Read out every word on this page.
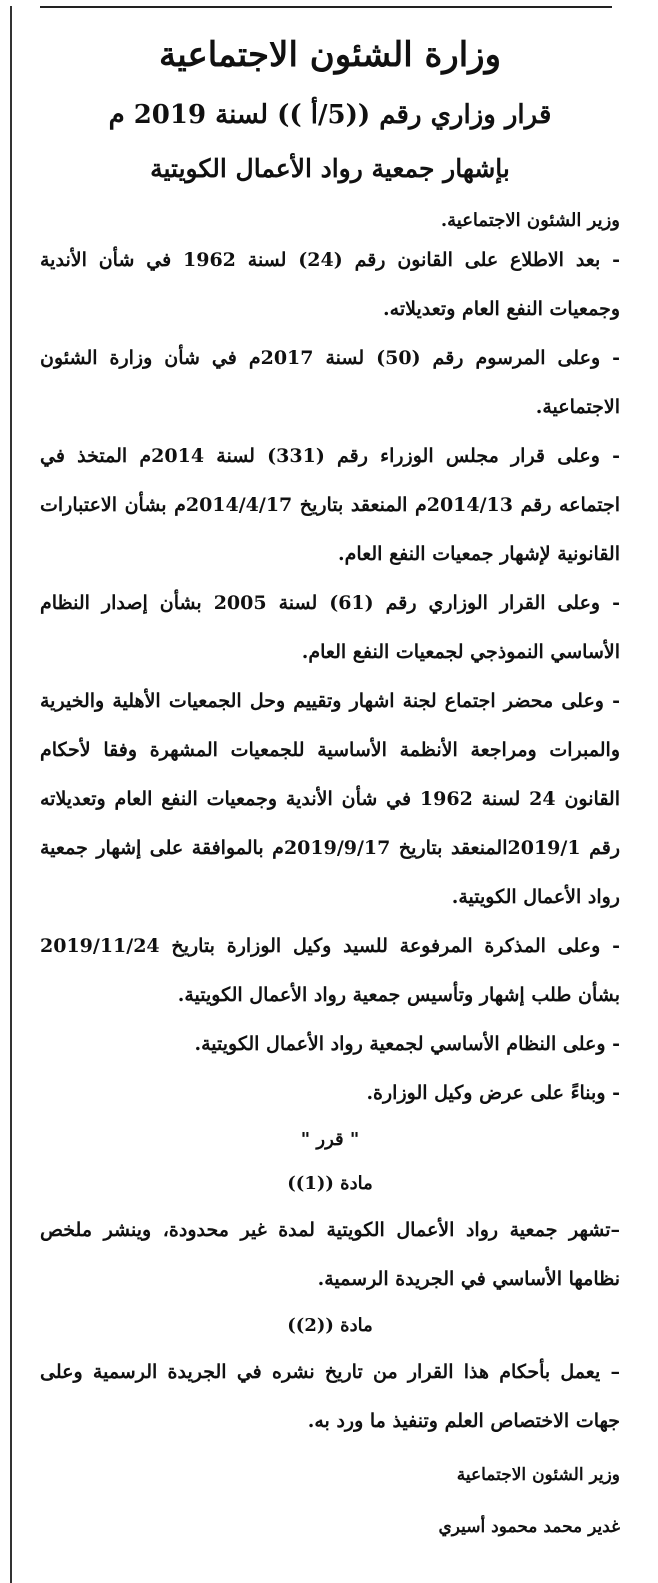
وزارة الشئون الاجتماعية
قرار وزاري رقم ((5/أ )) لسنة 2019 م
بإشهار جمعية رواد الأعمال الكويتية

وزير الشئون الاجتماعية.

- بعد الاطلاع على القانون رقم (24) لسنة 1962 في شأن الأندية وجمعيات النفع العام وتعديلاته.
- وعلى المرسوم رقم (50) لسنة 2017م في شأن وزارة الشئون الاجتماعية.
- وعلى قرار مجلس الوزراء رقم (331) لسنة 2014م المتخذ في اجتماعه رقم 2014/13م المنعقد بتاريخ 2014/4/17م بشأن الاعتبارات القانونية لإشهار جمعيات النفع العام.
- وعلى القرار الوزاري رقم (61) لسنة 2005 بشأن إصدار النظام الأساسي النموذجي لجمعيات النفع العام.
- وعلى محضر اجتماع لجنة اشهار وتقييم وحل الجمعيات الأهلية والخيرية والمبرات ومراجعة الأنظمة الأساسية للجمعيات المشهرة وفقا لأحكام القانون 24 لسنة 1962 في شأن الأندية وجمعيات النفع العام وتعديلاته رقم 2019/1المنعقد بتاريخ 2019/9/17م بالموافقة على إشهار جمعية رواد الأعمال الكويتية.
- وعلى المذكرة المرفوعة للسيد وكيل الوزارة بتاريخ 2019/11/24 بشأن طلب إشهار وتأسيس جمعية رواد الأعمال الكويتية.
- وعلى النظام الأساسي لجمعية رواد الأعمال الكويتية.
- وبناءً على عرض وكيل الوزارة.

" قرر "

مادة ((1))

–تشهر جمعية رواد الأعمال الكويتية لمدة غير محدودة، وينشر ملخص نظامها الأساسي في الجريدة الرسمية.

مادة ((2))

– يعمل بأحكام هذا القرار من تاريخ نشره في الجريدة الرسمية وعلى جهات الاختصاص العلم وتنفيذ ما ورد به.

وزير الشئون الاجتماعية

غدير محمد محمود أسيري
